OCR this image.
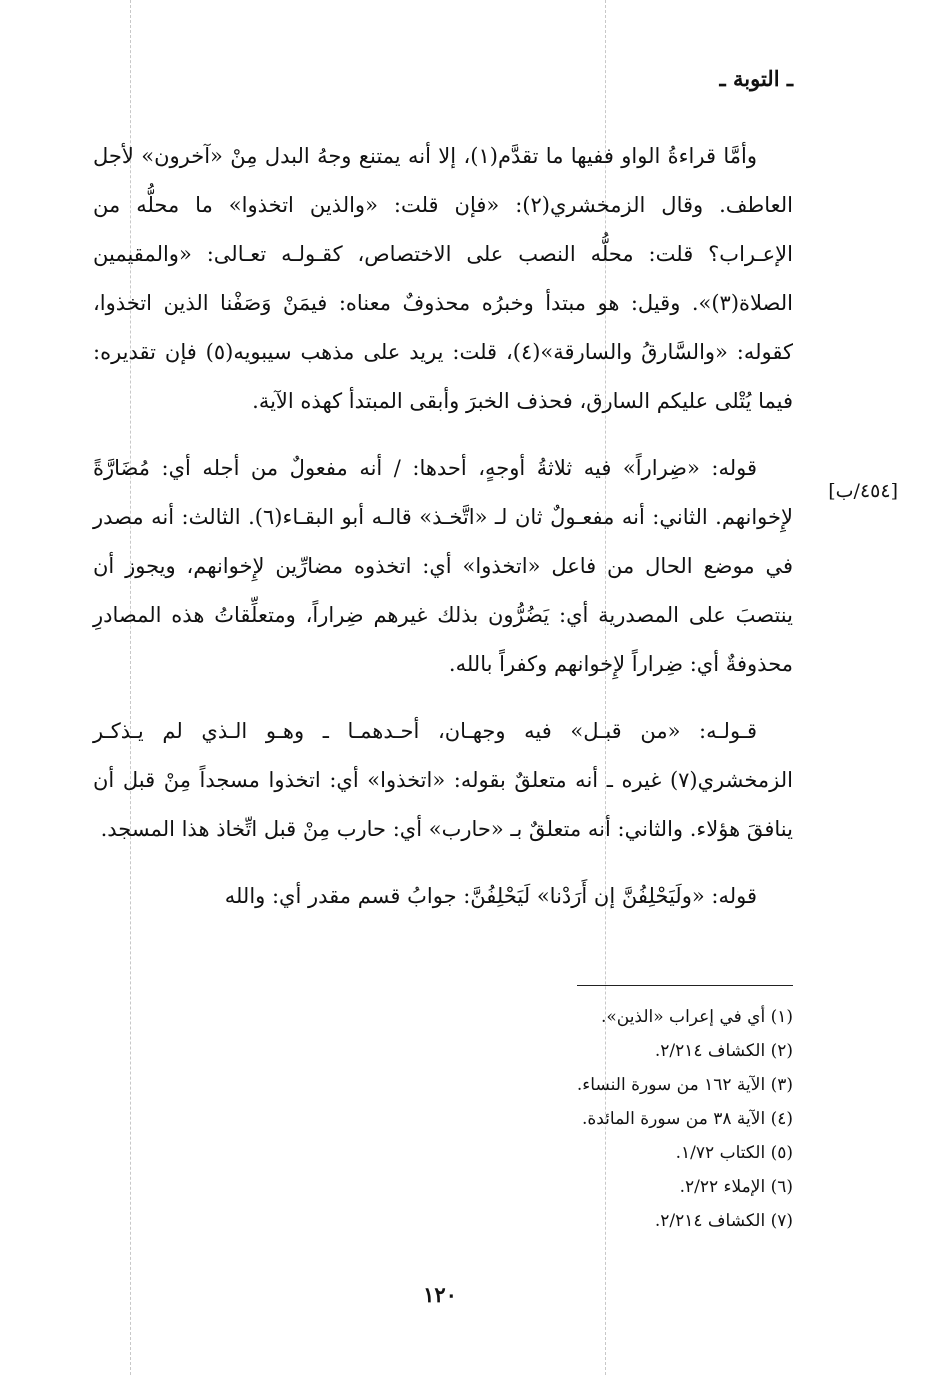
ـ التوبة ـ
[٤٥٤/ب]

وأمَّا قراءةُ الواو ففيها ما تقدَّم(١)، إلا أنه يمتنع وجهُ البدل مِنْ «آخرون» لأجل العاطف. وقال الزمخشري(٢): «فإن قلت: «والذين اتخذوا» ما محلُّه من الإعـراب؟ قلت: محلُّه النصب على الاختصاص، كقـولـه تعـالى: «والمقيمين الصلاة(٣)». وقيل: هو مبتدأ وخبرُه محذوفٌ معناه: فيمَنْ وَصَفْنا الذين اتخذوا، كقوله: «والسَّارقُ والسارقة»(٤)، قلت: يريد على مذهب سيبويه(٥) فإن تقديره: فيما يُتْلى عليكم السارق، فحذف الخبرَ وأبقى المبتدأ كهذه الآية.

قوله: «ضِراراً» فيه ثلاثةُ أوجهٍ، أحدها: / أنه مفعولٌ من أجله أي: مُضَارَّةً لإِخوانهم. الثاني: أنه مفعـولٌ ثان لـ «اتَّخـذ» قالـه أبو البقـاء(٦). الثالث: أنه مصدر في موضع الحال من فاعل «اتخذوا» أي: اتخذوه مضارِّين لإِخوانهم، ويجوز أن ينتصبَ على المصدرية أي: يَضُرُّون بذلك غيرهم ضِراراً، ومتعلِّقاتُ هذه المصادرِ محذوفةٌ أي: ضِراراً لإِخوانهم وكفراً بالله.

قـولـه: «من قبـل» فيه وجهـان، أحـدهمـا ـ وهـو الـذي لم يـذكـر الزمخشري(٧) غيره ـ أنه متعلقٌ بقوله: «اتخذوا» أي: اتخذوا مسجداً مِنْ قبل أن ينافقَ هؤلاء. والثاني: أنه متعلقٌ بـ «حارب» أي: حارب مِنْ قبل اتِّخاذ هذا المسجد.

قوله: «ولَيَحْلِفُنَّ إن أَرَدْنا» لَيَحْلِفُنَّ: جوابُ قسم مقدر أي: والله

(١) أي في إعراب «الذين».
(٢) الكشاف ٢/٢١٤.
(٣) الآية ١٦٢ من سورة النساء.
(٤) الآية ٣٨ من سورة المائدة.
(٥) الكتاب ١/٧٢.
(٦) الإملاء ٢/٢٢.
(٧) الكشاف ٢/٢١٤.
١٢٠
